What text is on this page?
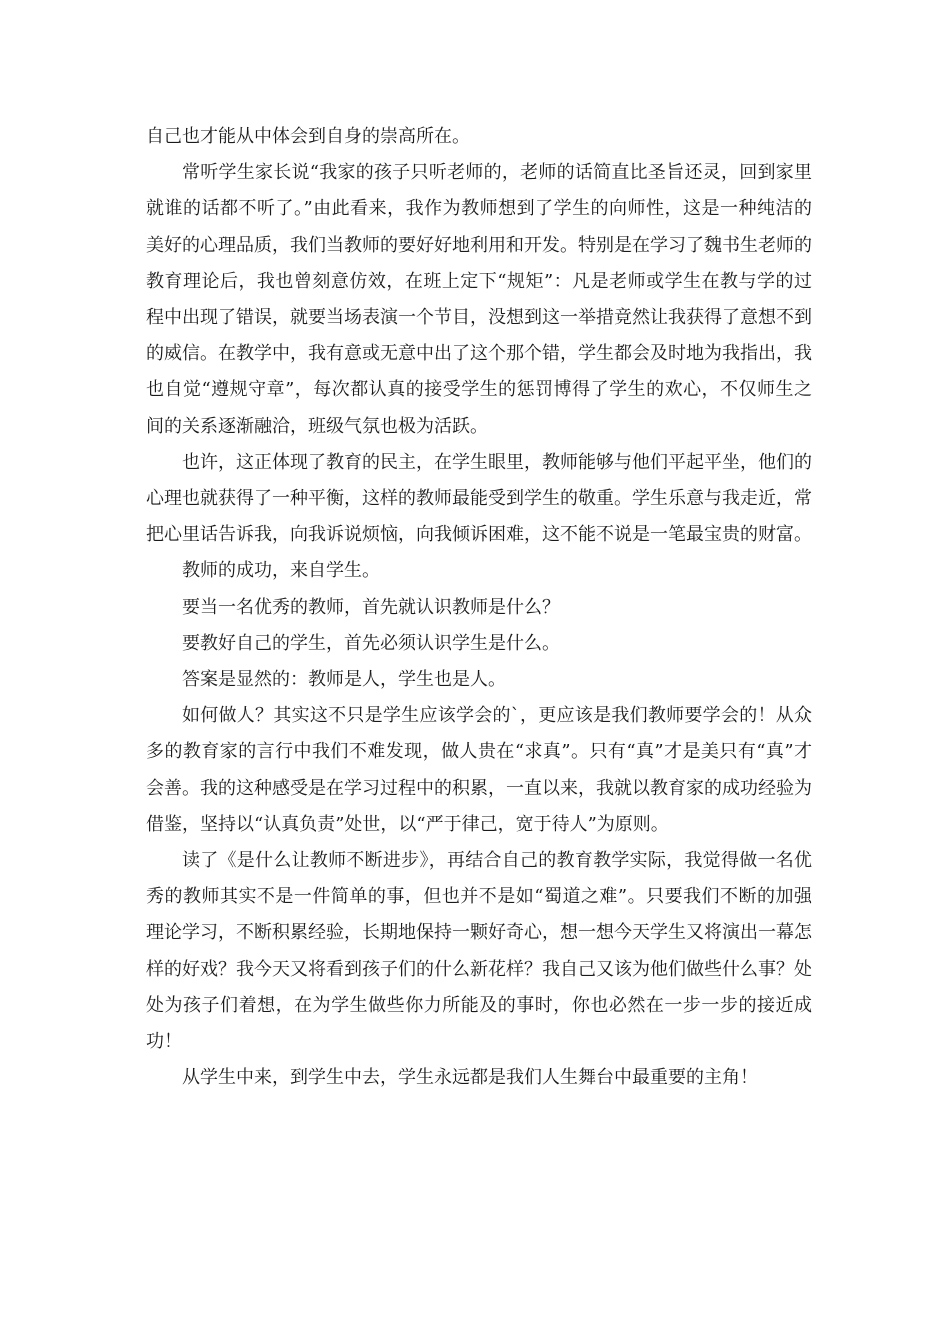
自己也才能从中体会到自身的崇高所在。

常听学生家长说“我家的孩子只听老师的，老师的话简直比圣旨还灵，回到家里就谁的话都不听了。”由此看来，我作为教师想到了学生的向师性，这是一种纯洁的美好的心理品质，我们当教师的要好好地利用和开发。特别是在学习了魏书生老师的教育理论后，我也曾刻意仿效，在班上定下“规矩”：凡是老师或学生在教与学的过程中出现了错误，就要当场表演一个节目，没想到这一举措竟然让我获得了意想不到的威信。在教学中，我有意或无意中出了这个那个错，学生都会及时地为我指出，我也自觉“遵规守章”，每次都认真的接受学生的惩罚博得了学生的欢心，不仅师生之间的关系逐渐融洽，班级气氛也极为活跃。

也许，这正体现了教育的民主，在学生眼里，教师能够与他们平起平坐，他们的心理也就获得了一种平衡，这样的教师最能受到学生的敬重。学生乐意与我走近，常把心里话告诉我，向我诉说烦恼，向我倾诉困难，这不能不说是一笔最宝贵的财富。

教师的成功，来自学生。

要当一名优秀的教师，首先就认识教师是什么？

要教好自己的学生，首先必须认识学生是什么。

答案是显然的：教师是人，学生也是人。

如何做人？其实这不只是学生应该学会的`，更应该是我们教师要学会的！从众多的教育家的言行中我们不难发现，做人贵在“求真”。只有“真”才是美只有“真”才会善。我的这种感受是在学习过程中的积累，一直以来，我就以教育家的成功经验为借鉴，坚持以“认真负责”处世，以“严于律己，宽于待人”为原则。

读了《是什么让教师不断进步》，再结合自己的教育教学实际，我觉得做一名优秀的教师其实不是一件简单的事，但也并不是如“蜀道之难”。只要我们不断的加强理论学习，不断积累经验，长期地保持一颗好奇心，想一想今天学生又将演出一幕怎样的好戏？我今天又将看到孩子们的什么新花样？我自己又该为他们做些什么事？处处为孩子们着想，在为学生做些你力所能及的事时，你也必然在一步一步的接近成功！

从学生中来，到学生中去，学生永远都是我们人生舞台中最重要的主角！
